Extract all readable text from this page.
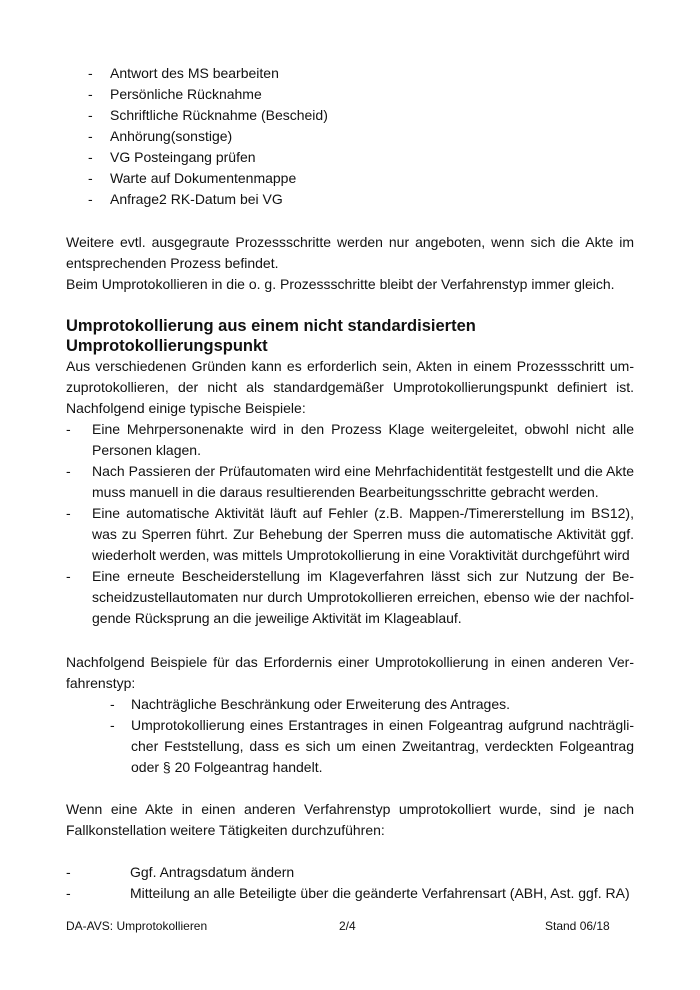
- Antwort des MS bearbeiten
- Persönliche Rücknahme
- Schriftliche Rücknahme (Bescheid)
- Anhörung(sonstige)
- VG Posteingang prüfen
- Warte auf Dokumentenmappe
- Anfrage2 RK-Datum bei VG

Weitere evtl. ausgegraute Prozessschritte werden nur angeboten, wenn sich die Akte im entsprechenden Prozess befindet.

Beim Umprotokollieren in die o. g. Prozessschritte bleibt der Verfahrenstyp immer gleich.

Umprotokollierung aus einem nicht standardisierten Umprotokollierungspunkt

Aus verschiedenen Gründen kann es erforderlich sein, Akten in einem Prozessschritt umzuprotokollieren, der nicht als standardgemäßer Umprotokollierungspunkt definiert ist. Nachfolgend einige typische Beispiele:

- Eine Mehrpersonenakte wird in den Prozess Klage weitergeleitet, obwohl nicht alle Personen klagen.
- Nach Passieren der Prüfautomaten wird eine Mehrfachidentität festgestellt und die Akte muss manuell in die daraus resultierenden Bearbeitungsschritte gebracht werden.
- Eine automatische Aktivität läuft auf Fehler (z.B. Mappen-/Timererstellung im BS12), was zu Sperren führt. Zur Behebung der Sperren muss die automatische Aktivität ggf. wiederholt werden, was mittels Umprotokollierung in eine Voraktivität durchgeführt wird
- Eine erneute Bescheiderstellung im Klageverfahren lässt sich zur Nutzung der Bescheidzustellautomaten nur durch Umprotokollieren erreichen, ebenso wie der nachfolgende Rücksprung an die jeweilige Aktivität im Klageablauf.

Nachfolgend Beispiele für das Erfordernis einer Umprotokollierung in einen anderen Verfahrenstyp:

- Nachträgliche Beschränkung oder Erweiterung des Antrages.
- Umprotokollierung eines Erstantrages in einen Folgeantrag aufgrund nachträglicher Feststellung, dass es sich um einen Zweitantrag, verdeckten Folgeantrag oder § 20 Folgeantrag handelt.

Wenn eine Akte in einen anderen Verfahrenstyp umprotokolliert wurde, sind je nach Fallkonstellation weitere Tätigkeiten durchzuführen:

-	Ggf. Antragsdatum ändern
-	Mitteilung an alle Beteiligte über die geänderte Verfahrensart (ABH, Ast. ggf. RA)
DA-AVS: Umprotokollieren	2/4	Stand 06/18
